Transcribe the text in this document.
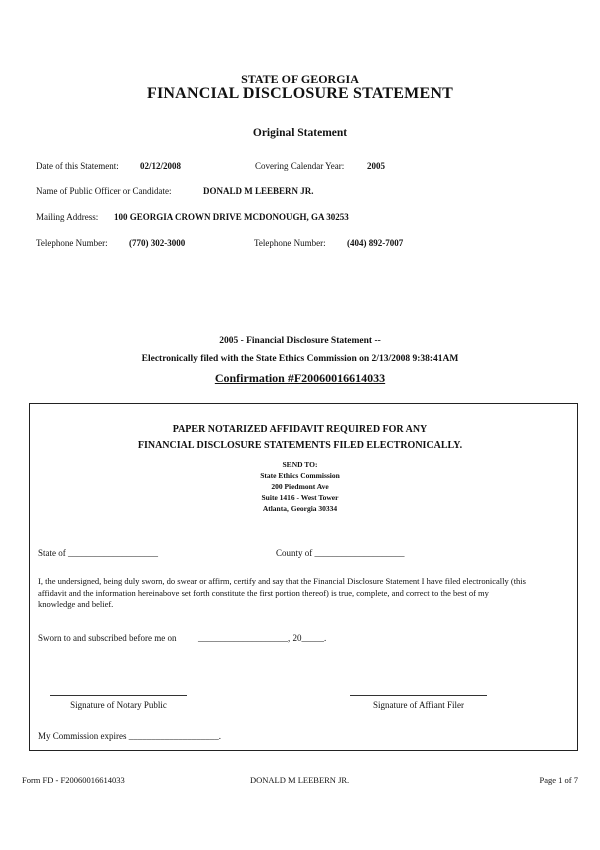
STATE OF GEORGIA
FINANCIAL DISCLOSURE STATEMENT
Original Statement
Date of this Statement: 02/12/2008	Covering Calendar Year:	2005
Name of Public Officer or Candidate:	DONALD M LEEBERN JR.
Mailing Address: 100 GEORGIA CROWN DRIVE MCDONOUGH, GA 30253
Telephone Number: (770) 302-3000	Telephone Number: (404) 892-7007
2005 - Financial Disclosure Statement --
Electronically filed with the State Ethics Commission on 2/13/2008 9:38:41AM
Confirmation #F20060016614033
PAPER NOTARIZED AFFIDAVIT REQUIRED FOR ANY
FINANCIAL DISCLOSURE STATEMENTS FILED ELECTRONICALLY.
SEND TO:
State Ethics Commission
200 Piedmont Ave
Suite 1416 - West Tower
Atlanta, Georgia 30334
State of ____________________	County of ____________________
I, the undersigned, being duly sworn, do swear or affirm, certify and say that the Financial Disclosure Statement I have filed electronically (this affidavit and the information hereinabove set forth constitute the first portion thereof) is true, complete, and correct to the best of my knowledge and belief.
Sworn to and subscribed before me on ____________________, 20_____.
Signature of Notary Public	Signature of Affiant Filer
My Commission expires ____________________.
Form FD - F20060016614033	DONALD M LEEBERN JR.	Page 1 of 7
